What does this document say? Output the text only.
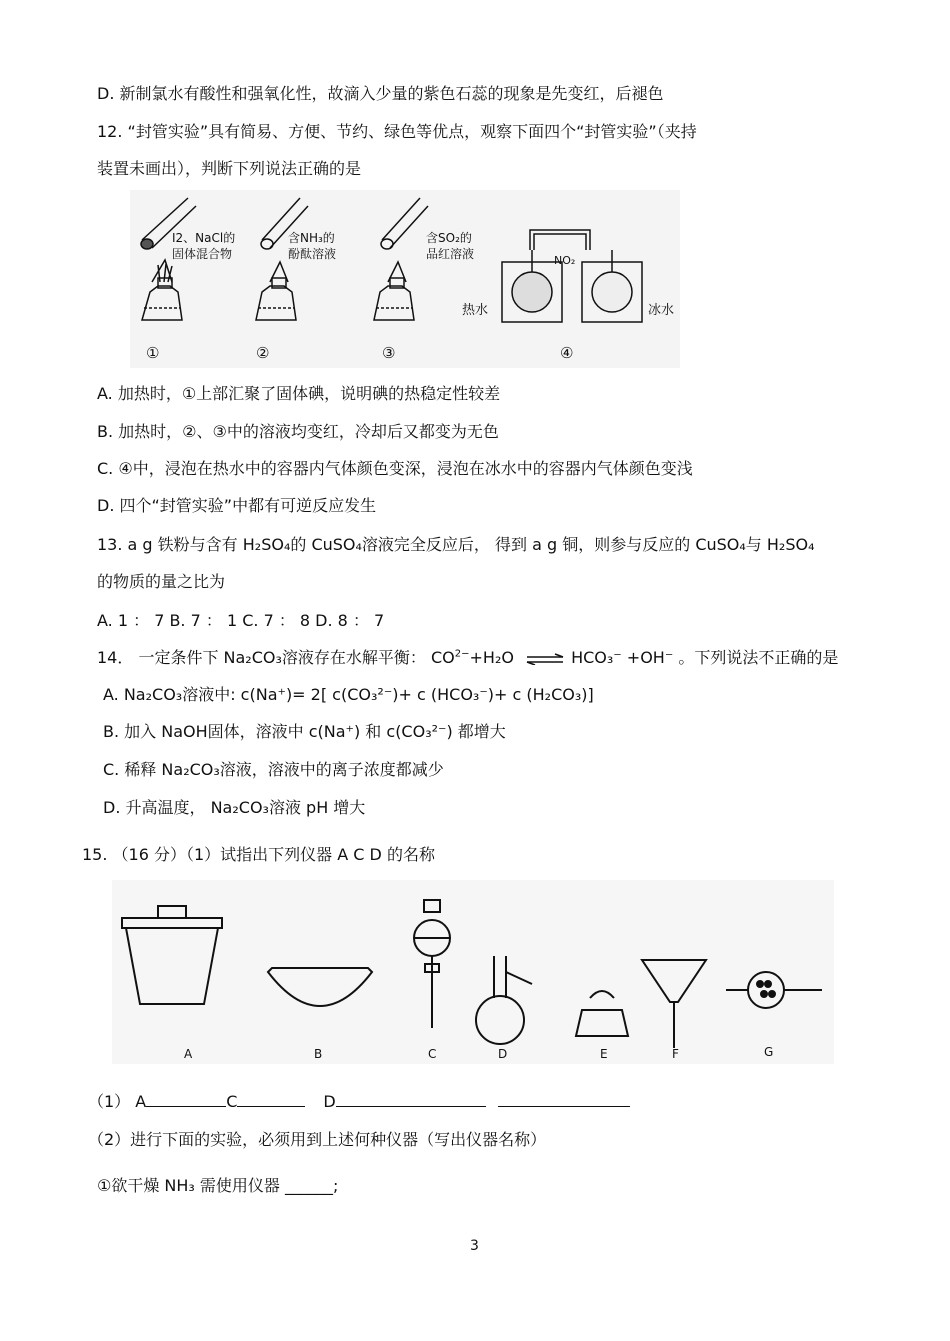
D. 新制氯水有酸性和强氧化性，故滴入少量的紫色石蕊的现象是先变红，后褪色
12. “封管实验”具有简易、方便、节约、绿色等优点，观察下面四个“封管实验”（夹持
装置未画出），判断下列说法正确的是
I2、NaCl的
固体混合物
含NH₃的
酚酞溶液
含SO₂的
品红溶液	NO₂
热水	冰水
①	②	③	④
A. 加热时，①上部汇聚了固体碘，说明碘的热稳定性较差
B. 加热时，②、③中的溶液均变红，冷却后又都变为无色
C. ④中，浸泡在热水中的容器内气体颜色变深，浸泡在冰水中的容器内气体颜色变浅
D. 四个“封管实验”中都有可逆反应发生
13. a g 铁粉与含有 H₂SO₄的 CuSO₄溶液完全反应后， 得到 a g 铜，则参与反应的 CuSO₄与 H₂SO₄
的物质的量之比为
A. 1 ： 7 B. 7 ： 1 C. 7 ： 8 D. 8 ： 7
14． 一定条件下 Na₂CO₃溶液存在水解平衡： $CO^{2-}+H_2O$ ⇌ HCO₃⁻ +OH⁻ 。下列说法不正确的是
A. Na₂CO₃溶液中: c(Na⁺)= 2[ c(CO₃²⁻)+ c (HCO₃⁻)+ c (H₂CO₃)]
B. 加入 NaOH固体，溶液中 c(Na⁺) 和 c(CO₃²⁻) 都增大
C. 稀释 Na₂CO₃溶液，溶液中的离子浓度都减少
D. 升高温度， Na₂CO₃溶液 pH 增大
15. （16 分）（1）试指出下列仪器 A C D 的名称
A	B	C	D	E	F	G
（1） A	C	D
（2）进行下面的实验，必须用到上述何种仪器（写出仪器名称）
①欲干燥 NH₃ 需使用仪器 ______;
3
